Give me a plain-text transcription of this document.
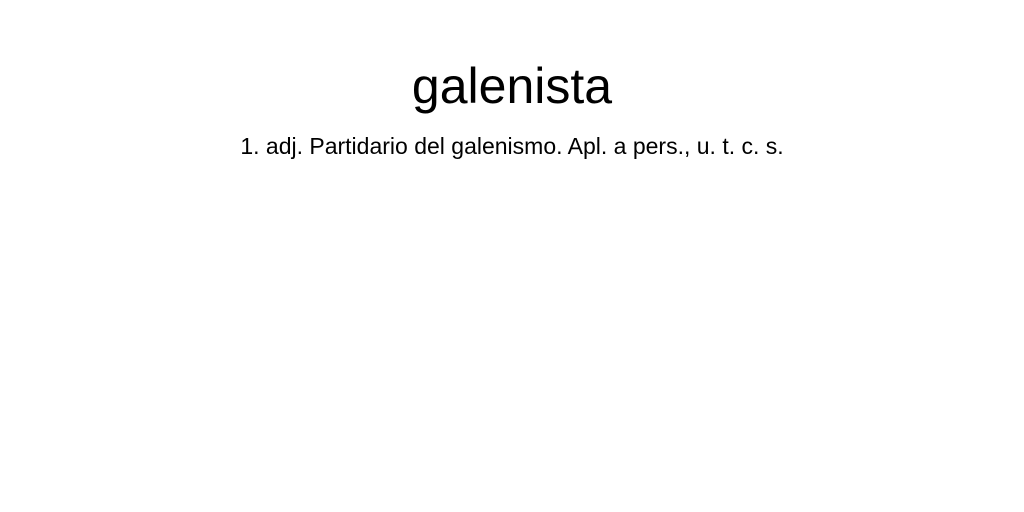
galenista

1. adj. Partidario del galenismo. Apl. a pers., u. t. c. s.
